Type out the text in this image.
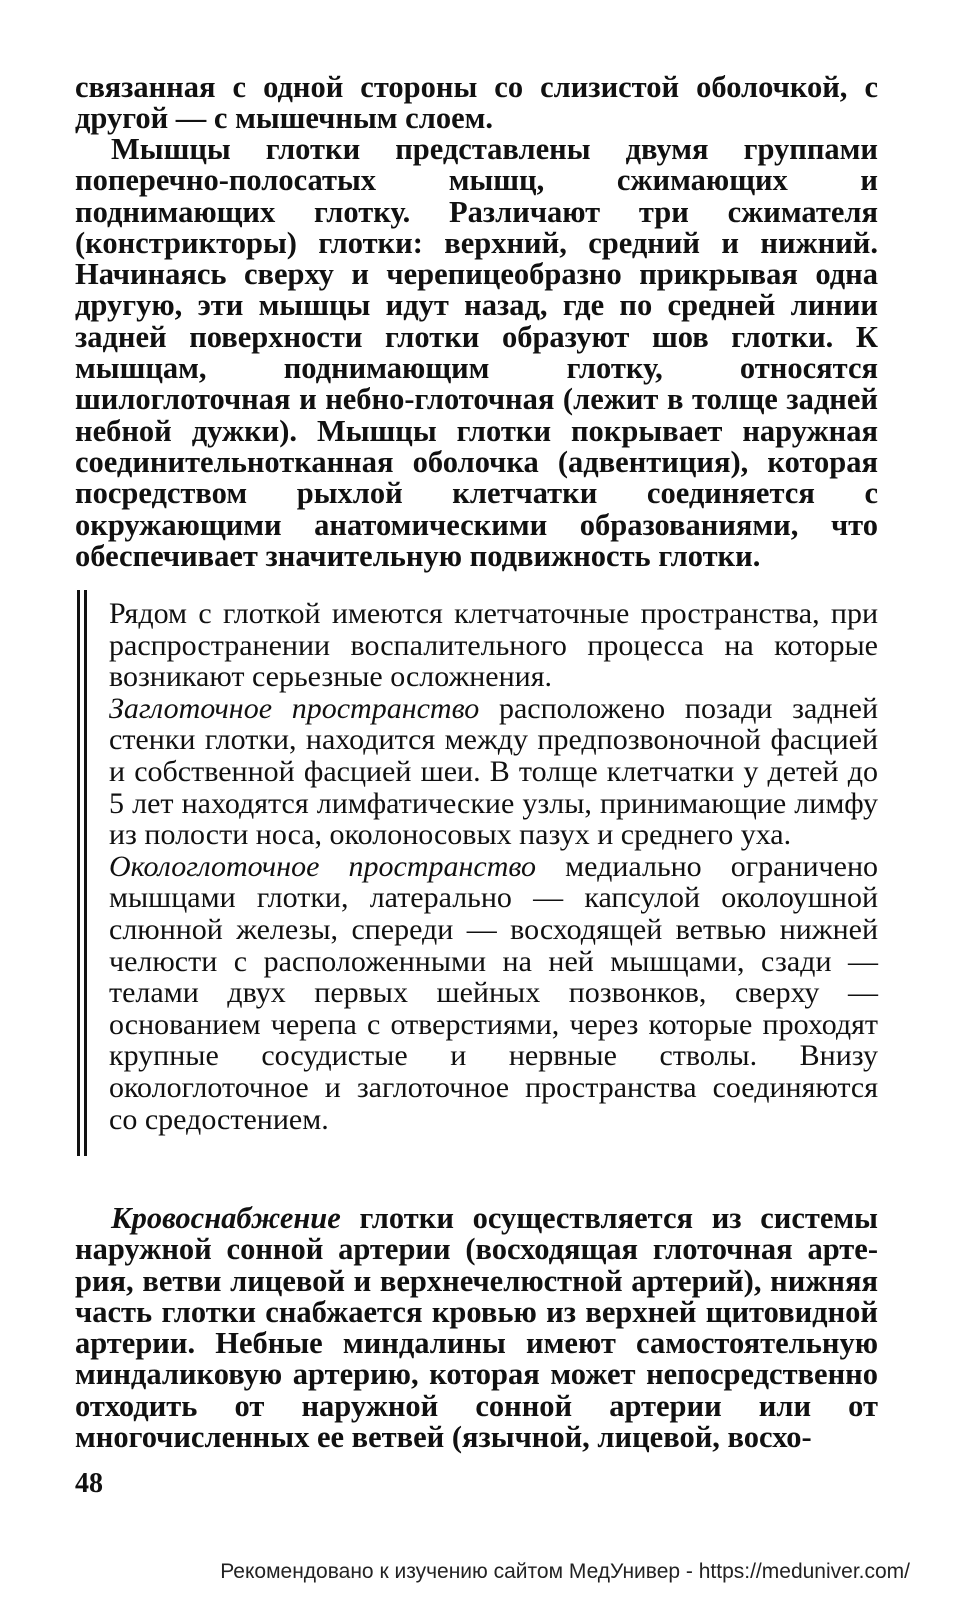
связанная с одной стороны со слизистой оболочкой, с другой — с мышечным слоем.

Мышцы глотки представлены двумя группами поперечно-полосатых мышц, сжимающих и поднимающих глотку. Различают три сжимателя (констрикторы) глотки: верхний, средний и нижний. Начинаясь сверху и черепицеобразно прикрывая одна другую, эти мышцы идут назад, где по средней линии задней поверхности глотки образуют шов глотки. К мышцам, поднимающим глотку, относятся шилоглоточная и небно-глоточная (лежит в толще задней небной дужки). Мышцы глотки покрывает наружная соединительнотканная оболочка (адвентиция), которая посредством рыхлой клетчатки соединяется с окружающими анатомическими образованиями, что обеспечивает значительную подвижность глотки.

Рядом с глоткой имеются клетчаточные пространства, при распространении воспалительного процесса на которые возникают серьезные осложнения.

Заглоточное пространство расположено позади задней стенки глотки, находится между предпозвоночной фасцией и собственной фасцией шеи. В толще клетчатки у детей до 5 лет находятся лимфатические узлы, принимающие лимфу из полости носа, околоносовых пазух и среднего уха.

Окологлоточное пространство медиально ограничено мышцами глотки, латерально — капсулой околоушной слюнной железы, спереди — восходящей ветвью нижней челюсти с расположенными на ней мышцами, сзади — телами двух первых шейных позвонков, сверху — основанием черепа с отверстиями, через которые проходят крупные сосудистые и нервные стволы. Внизу окологлоточное и заглоточное пространства соединяются со средостением.

Кровоснабжение глотки осуществляется из системы наружной сонной артерии (восходящая глоточная артерия, ветви лицевой и верхнечелюстной артерий), нижняя часть глотки снабжается кровью из верхней щитовидной артерии. Небные миндалины имеют самостоятельную миндаликовую артерию, которая может непосредственно отходить от наружной сонной артерии или от многочисленных ее ветвей (язычной, лицевой, восхо-

48
Рекомендовано к изучению сайтом МедУнивер - https://meduniver.com/
